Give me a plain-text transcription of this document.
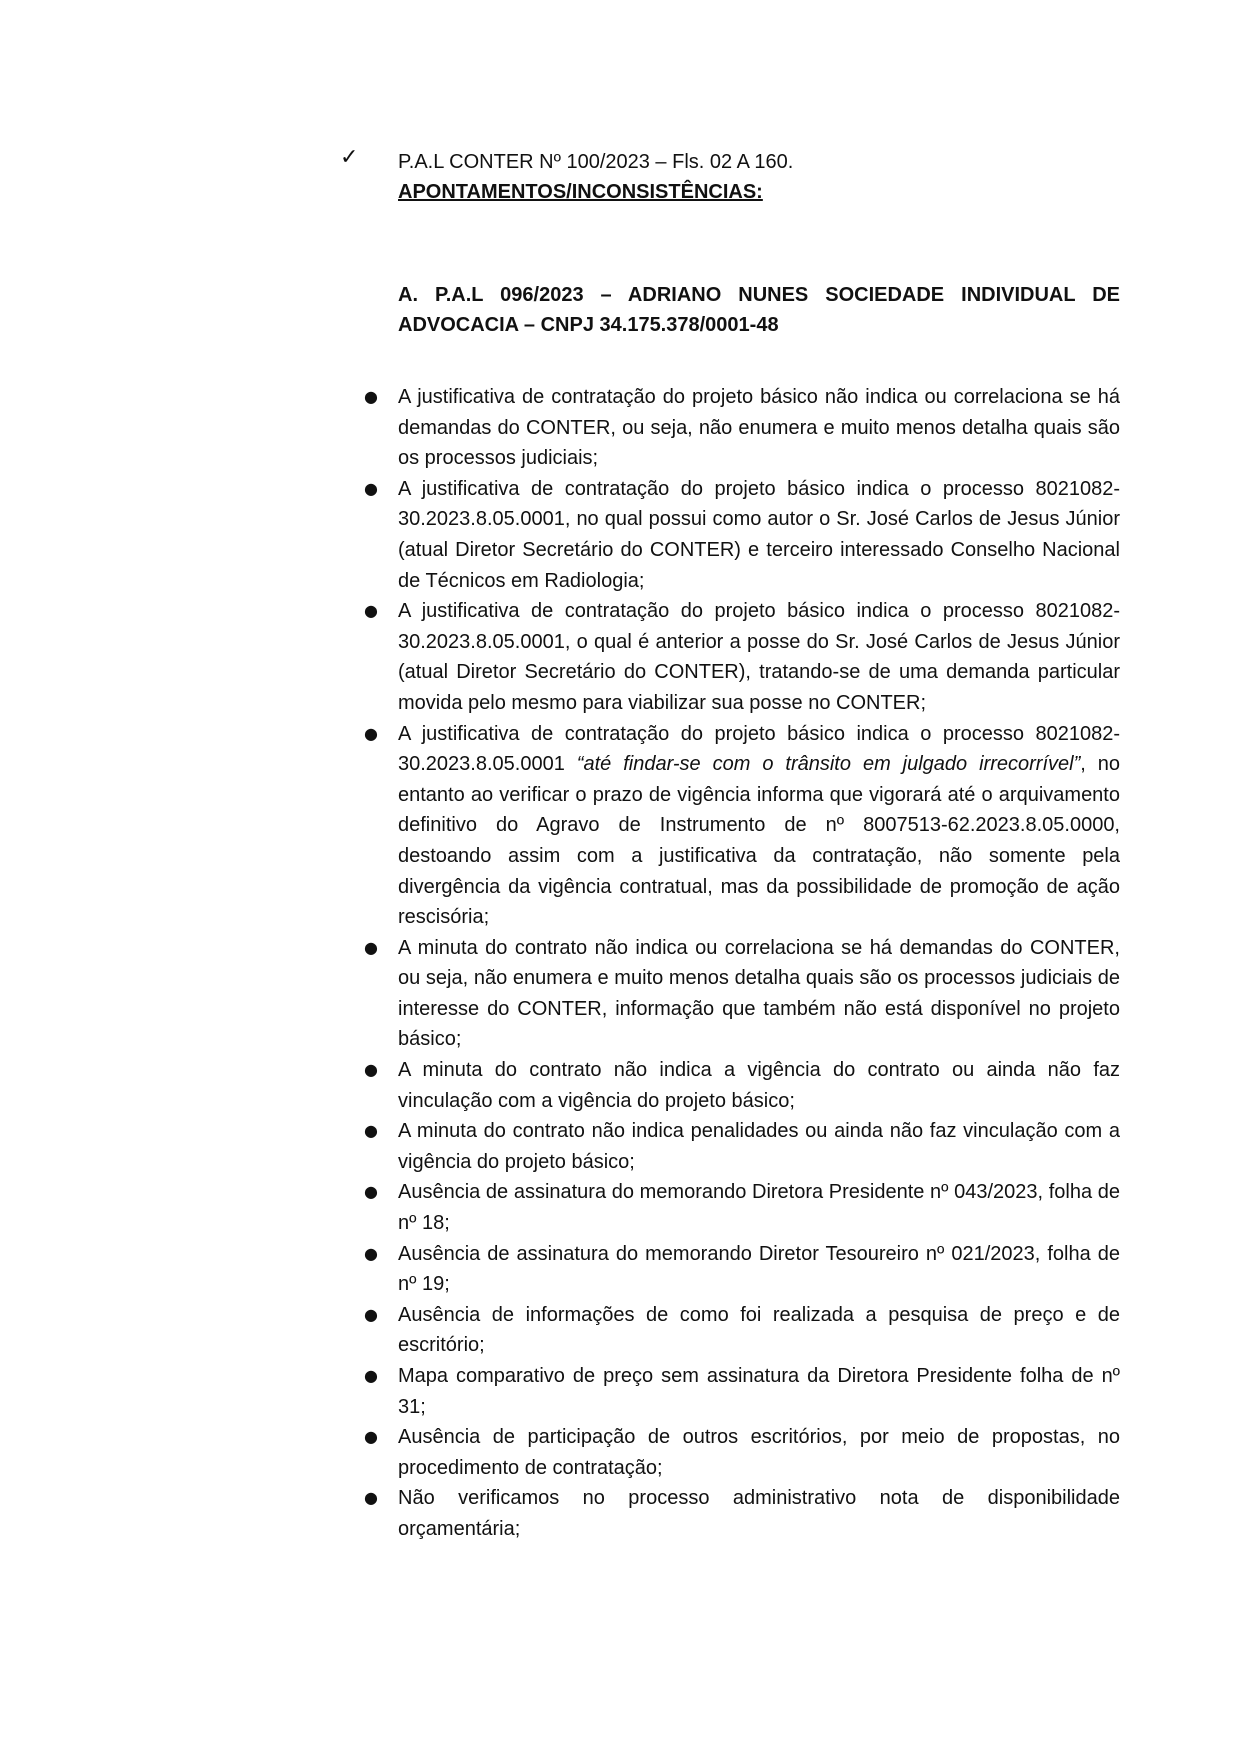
✓ P.A.L CONTER Nº 100/2023 – Fls. 02 A 160.
APONTAMENTOS/INCONSISTÊNCIAS:
A. P.A.L 096/2023 – ADRIANO NUNES SOCIEDADE INDIVIDUAL DE ADVOCACIA – CNPJ 34.175.378/0001-48
● A justificativa de contratação do projeto básico não indica ou correlaciona se há demandas do CONTER, ou seja, não enumera e muito menos detalha quais são os processos judiciais;
● A justificativa de contratação do projeto básico indica o processo 8021082-30.2023.8.05.0001, no qual possui como autor o Sr. José Carlos de Jesus Júnior (atual Diretor Secretário do CONTER) e terceiro interessado Conselho Nacional de Técnicos em Radiologia;
● A justificativa de contratação do projeto básico indica o processo 8021082-30.2023.8.05.0001, o qual é anterior a posse do Sr. José Carlos de Jesus Júnior (atual Diretor Secretário do CONTER), tratando-se de uma demanda particular movida pelo mesmo para viabilizar sua posse no CONTER;
● A justificativa de contratação do projeto básico indica o processo 8021082-30.2023.8.05.0001 “até findar-se com o trânsito em julgado irrecorrível”, no entanto ao verificar o prazo de vigência informa que vigorará até o arquivamento definitivo do Agravo de Instrumento de nº 8007513-62.2023.8.05.0000, destoando assim com a justificativa da contratação, não somente pela divergência da vigência contratual, mas da possibilidade de promoção de ação rescisória;
● A minuta do contrato não indica ou correlaciona se há demandas do CONTER, ou seja, não enumera e muito menos detalha quais são os processos judiciais de interesse do CONTER, informação que também não está disponível no projeto básico;
● A minuta do contrato não indica a vigência do contrato ou ainda não faz vinculação com a vigência do projeto básico;
● A minuta do contrato não indica penalidades ou ainda não faz vinculação com a vigência do projeto básico;
● Ausência de assinatura do memorando Diretora Presidente nº 043/2023, folha de nº 18;
● Ausência de assinatura do memorando Diretor Tesoureiro nº 021/2023, folha de nº 19;
● Ausência de informações de como foi realizada a pesquisa de preço e de escritório;
● Mapa comparativo de preço sem assinatura da Diretora Presidente folha de nº 31;
● Ausência de participação de outros escritórios, por meio de propostas, no procedimento de contratação;
● Não verificamos no processo administrativo nota de disponibilidade orçamentária;
